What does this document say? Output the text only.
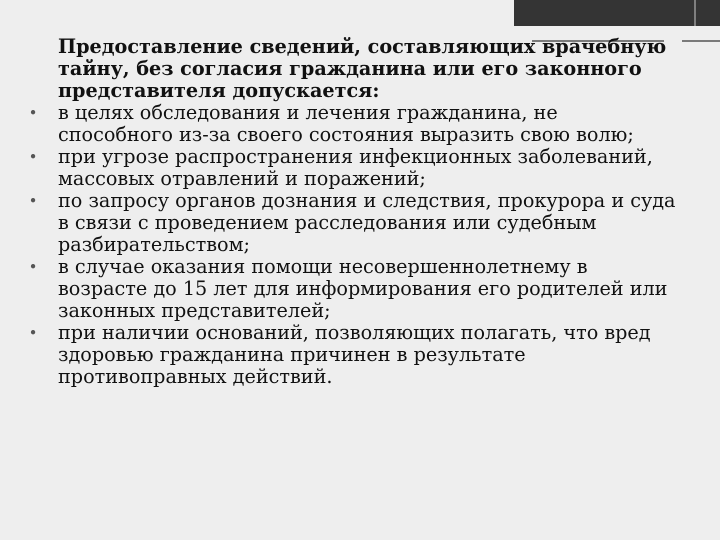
Предоставление сведений, составляющих врачебную тайну, без согласия гражданина или его законного представителя допускается:
• в целях обследования и лечения гражданина, не способного из-за своего состояния выразить свою волю;
• при угрозе распространения инфекционных заболеваний, массовых отравлений и поражений;
• по запросу органов дознания и следствия, прокурора и суда в связи с проведением расследования или судебным разбирательством;
• в случае оказания помощи несовершеннолетнему в возрасте до 15 лет для информирования его родителей или законных представителей;
• при наличии оснований, позволяющих полагать, что вред здоровью гражданина причинен в результате противоправных действий.
